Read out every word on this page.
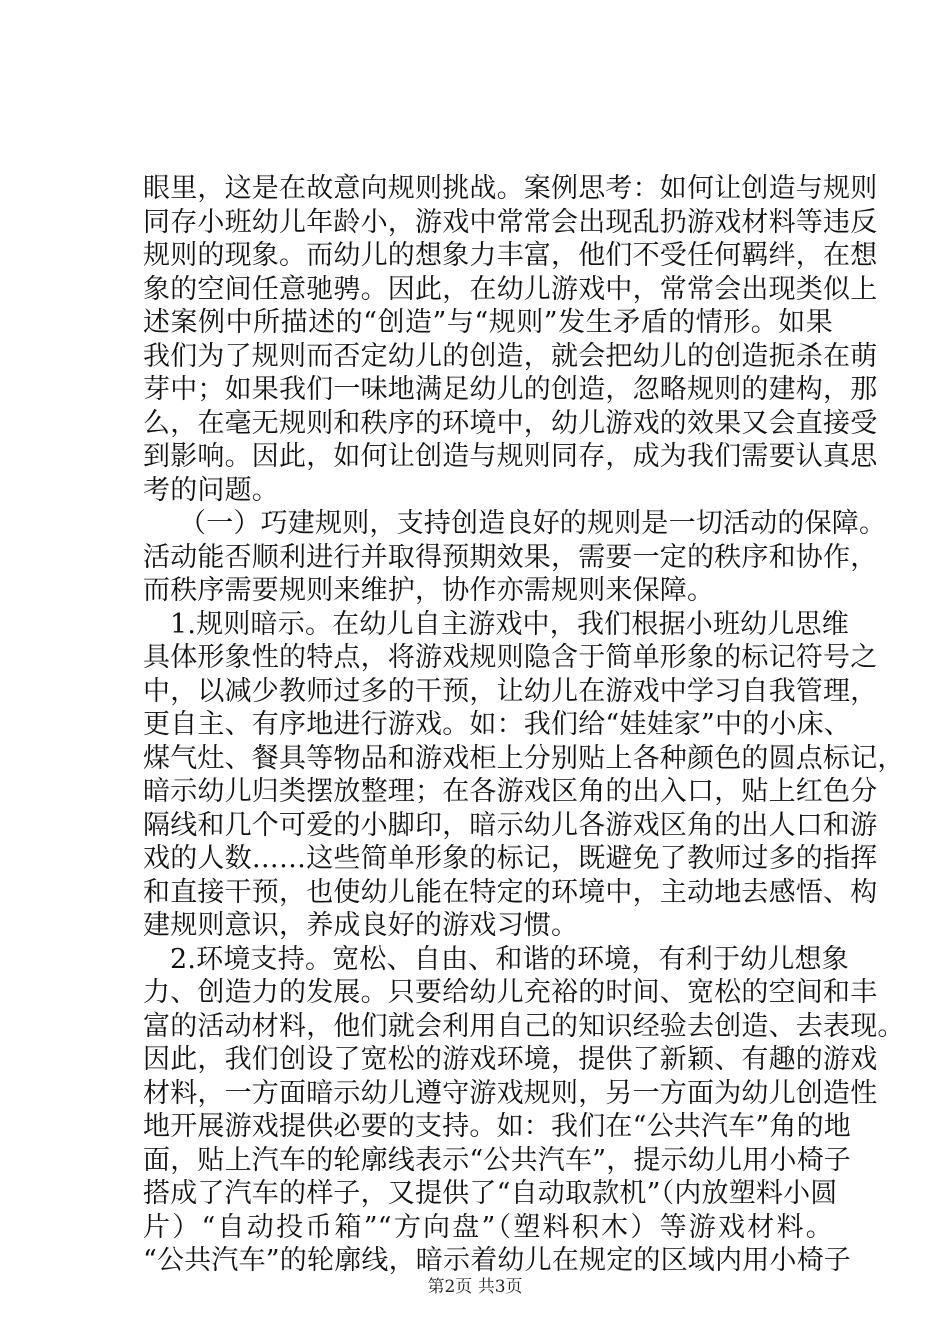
眼里，这是在故意向规则挑战。案例思考：如何让创造与规则
同存小班幼儿年龄小，游戏中常常会出现乱扔游戏材料等违反
规则的现象。而幼儿的想象力丰富，他们不受任何羁绊，在想
象的空间任意驰骋。因此，在幼儿游戏中，常常会出现类似上
述案例中所描述的“创造”与“规则”发生矛盾的情形。如果
我们为了规则而否定幼儿的创造，就会把幼儿的创造扼杀在萌
芽中；如果我们一味地满足幼儿的创造，忽略规则的建构，那
么，在毫无规则和秩序的环境中，幼儿游戏的效果又会直接受
到影响。因此，如何让创造与规则同存，成为我们需要认真思
考的问题。
（一）巧建规则，支持创造良好的规则是一切活动的保障。
活动能否顺利进行并取得预期效果，需要一定的秩序和协作，
而秩序需要规则来维护，协作亦需规则来保障。
1.规则暗示。在幼儿自主游戏中，我们根据小班幼儿思维
具体形象性的特点，将游戏规则隐含于简单形象的标记符号之
中，以减少教师过多的干预，让幼儿在游戏中学习自我管理，
更自主、有序地进行游戏。如：我们给“娃娃家”中的小床、
煤气灶、餐具等物品和游戏柜上分别贴上各种颜色的圆点标记，
暗示幼儿归类摆放整理；在各游戏区角的出入口，贴上红色分
隔线和几个可爱的小脚印，暗示幼儿各游戏区角的出人口和游
戏的人数……这些简单形象的标记，既避免了教师过多的指挥
和直接干预，也使幼儿能在特定的环境中，主动地去感悟、构
建规则意识，养成良好的游戏习惯。
2.环境支持。宽松、自由、和谐的环境，有利于幼儿想象
力、创造力的发展。只要给幼儿充裕的时间、宽松的空间和丰
富的活动材料，他们就会利用自己的知识经验去创造、去表现。
因此，我们创设了宽松的游戏环境，提供了新颖、有趣的游戏
材料，一方面暗示幼儿遵守游戏规则，另一方面为幼儿创造性
地开展游戏提供必要的支持。如：我们在“公共汽车”角的地
面，贴上汽车的轮廓线表示“公共汽车”，提示幼儿用小椅子
搭成了汽车的样子，又提供了“自动取款机”（内放塑料小圆
片）“自动投币箱”“方向盘”（塑料积木）等游戏材料。
“公共汽车”的轮廓线，暗示着幼儿在规定的区域内用小椅子
第2页 共3页
